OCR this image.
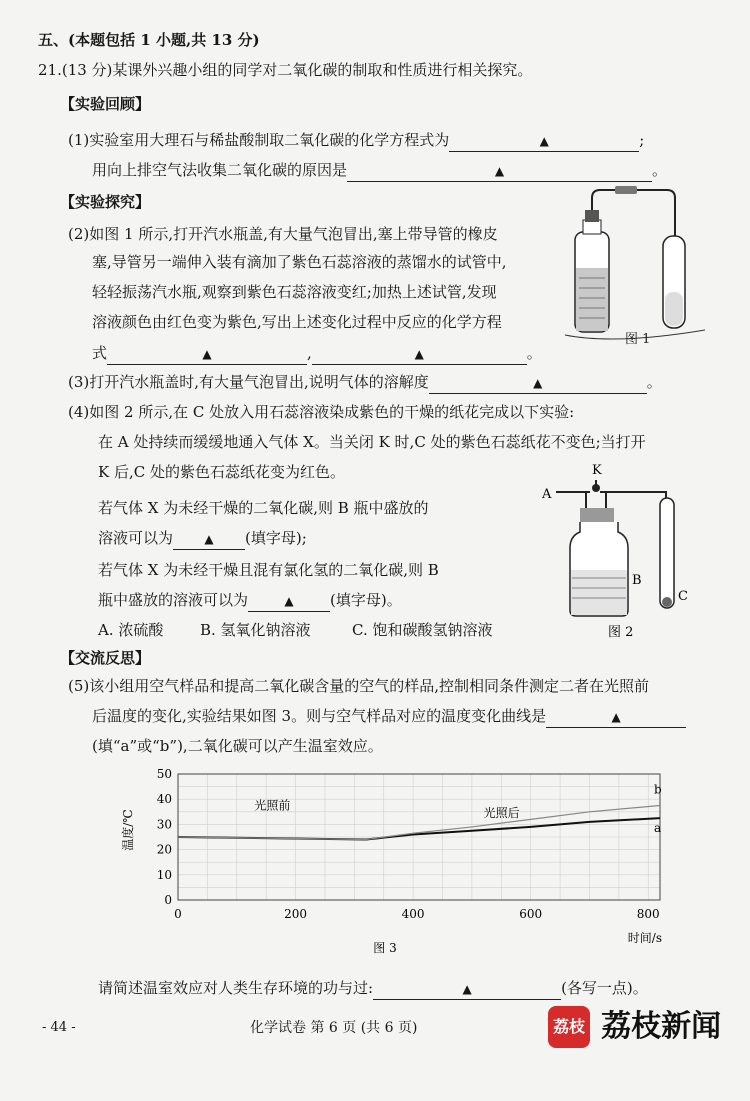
五、(本题包括 1 小题,共 13 分)
21.(13 分)某课外兴趣小组的同学对二氧化碳的制取和性质进行相关探究。
【实验回顾】
(1)实验室用大理石与稀盐酸制取二氧化碳的化学方程式为	▲	;
用向上排空气法收集二氧化碳的原因是	▲	。
【实验探究】
(2)如图 1 所示,打开汽水瓶盖,有大量气泡冒出,塞上带导管的橡皮
塞,导管另一端伸入装有滴加了紫色石蕊溶液的蒸馏水的试管中,
轻轻振荡汽水瓶,观察到紫色石蕊溶液变红;加热上述试管,发现
溶液颜色由红色变为紫色,写出上述变化过程中反应的化学方程
式	▲	,	▲	。
图 1
(3)打开汽水瓶盖时,有大量气泡冒出,说明气体的溶解度	▲	。
(4)如图 2 所示,在 C 处放入用石蕊溶液染成紫色的干燥的纸花完成以下实验:
在 A 处持续而缓缓地通入气体 X。当关闭 K 时,C 处的紫色石蕊纸花不变色;当打开
K 后,C 处的紫色石蕊纸花变为红色。
若气体 X 为未经干燥的二氧化碳,则 B 瓶中盛放的
溶液可以为	▲ (填字母);
若气体 X 为未经干燥且混有氯化氢的二氧化碳,则 B
瓶中盛放的溶液可以为	▲ (填字母)。
A. 浓硫酸 B. 氢氧化钠溶液	C. 饱和碳酸氢钠溶液
K
A
B
C
图 2
【交流反思】
(5)该小组用空气样品和提高二氧化碳含量的空气的样品,控制相同条件测定二者在光照前
后温度的变化,实验结果如图 3。则与空气样品对应的温度变化曲线是	▲
(填“a”或“b”),二氧化碳可以产生温室效应。
0
10
20
30
40
50
0	200	400	600	800
a
b
温度/℃
时间/s
光照前
光照后
图 3
请简述温室效应对人类生存环境的功与过:	▲	(各写一点)。
- 44 -	化学试卷 第 6 页 (共 6 页)	荔枝 荔枝新闻
